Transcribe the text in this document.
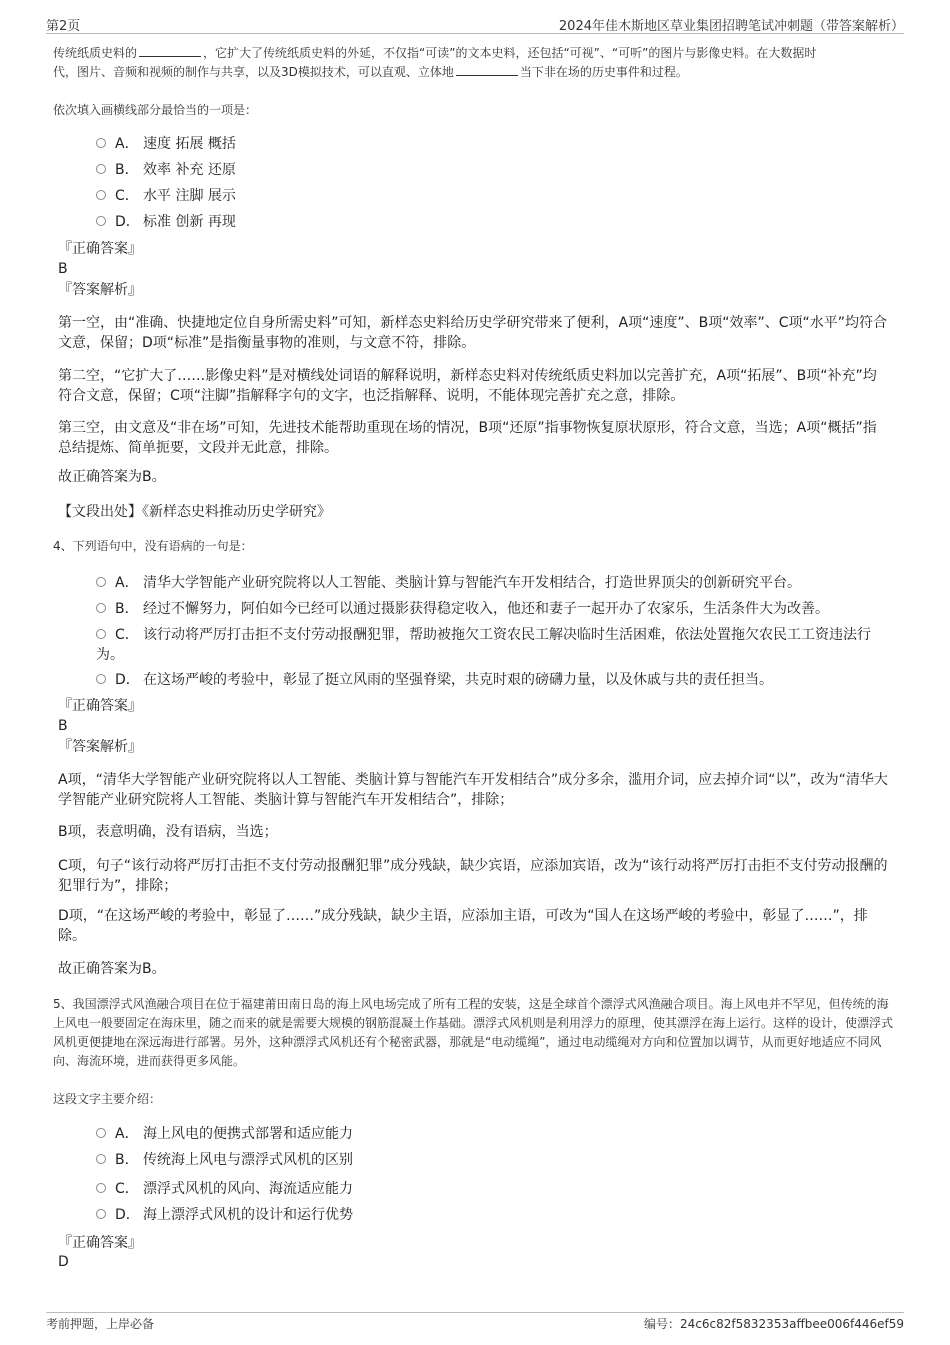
第2页	2024年佳木斯地区草业集团招聘笔试冲刺题（带答案解析）
传统纸质史料的	，它扩大了传统纸质史料的外延，不仅指“可读”的文本史料，还包括“可视”、“可听”的图片与影像史料。在大数据时
代，图片、音频和视频的制作与共享，以及3D模拟技术，可以直观、立体地	当下非在场的历史事件和过程。
依次填入画横线部分最恰当的一项是：
A． 速度 拓展 概括
B． 效率 补充 还原
C． 水平 注脚 展示
D． 标准 创新 再现
『正确答案』
B
『答案解析』
第一空，由“准确、快捷地定位自身所需史料”可知，新样态史料给历史学研究带来了便利，A项“速度”、B项“效率”、C项“水平”均符合文意，保留；D项“标准”是指衡量事物的准则，与文意不符，排除。
第二空，“它扩大了……影像史料”是对横线处词语的解释说明，新样态史料对传统纸质史料加以完善扩充，A项“拓展”、B项“补充”均符合文意，保留；C项“注脚”指解释字句的文字，也泛指解释、说明，不能体现完善扩充之意，排除。
第三空，由文意及“非在场”可知，先进技术能帮助重现在场的情况，B项“还原”指事物恢复原状原形，符合文意，当选；A项“概括”指总结提炼、简单扼要，文段并无此意，排除。
故正确答案为B。
【文段出处】《新样态史料推动历史学研究》
4、下列语句中，没有语病的一句是：
A． 清华大学智能产业研究院将以人工智能、类脑计算与智能汽车开发相结合，打造世界顶尖的创新研究平台。
B． 经过不懈努力，阿伯如今已经可以通过摄影获得稳定收入，他还和妻子一起开办了农家乐，生活条件大为改善。
C． 该行动将严厉打击拒不支付劳动报酬犯罪，帮助被拖欠工资农民工解决临时生活困难，依法处置拖欠农民工工资违法行为。
D． 在这场严峻的考验中，彰显了挺立风雨的坚强脊梁，共克时艰的磅礴力量，以及休戚与共的责任担当。
『正确答案』
B
『答案解析』
A项，“清华大学智能产业研究院将以人工智能、类脑计算与智能汽车开发相结合”成分多余，滥用介词，应去掉介词“以”，改为“清华大学智能产业研究院将人工智能、类脑计算与智能汽车开发相结合”，排除；
B项，表意明确，没有语病，当选；
C项，句子“该行动将严厉打击拒不支付劳动报酬犯罪”成分残缺，缺少宾语，应添加宾语，改为“该行动将严厉打击拒不支付劳动报酬的犯罪行为”，排除；
D项，“在这场严峻的考验中，彰显了……”成分残缺，缺少主语，应添加主语，可改为“国人在这场严峻的考验中，彰显了……”，排除。
故正确答案为B。
5、我国漂浮式风渔融合项目在位于福建莆田南日岛的海上风电场完成了所有工程的安装，这是全球首个漂浮式风渔融合项目。海上风电并不罕见，但传统的海上风电一般要固定在海床里，随之而来的就是需要大规模的钢筋混凝土作基础。漂浮式风机则是利用浮力的原理，使其漂浮在海上运行。这样的设计，使漂浮式风机更便捷地在深远海进行部署。另外，这种漂浮式风机还有个秘密武器，那就是“电动缆绳”，通过电动缆绳对方向和位置加以调节，从而更好地适应不同风向、海流环境，进而获得更多风能。
这段文字主要介绍：
A． 海上风电的便携式部署和适应能力
B． 传统海上风电与漂浮式风机的区别
C． 漂浮式风机的风向、海流适应能力
D． 海上漂浮式风机的设计和运行优势
『正确答案』
D
考前押题，上岸必备	编号：24c6c82f5832353affbee006f446ef59
